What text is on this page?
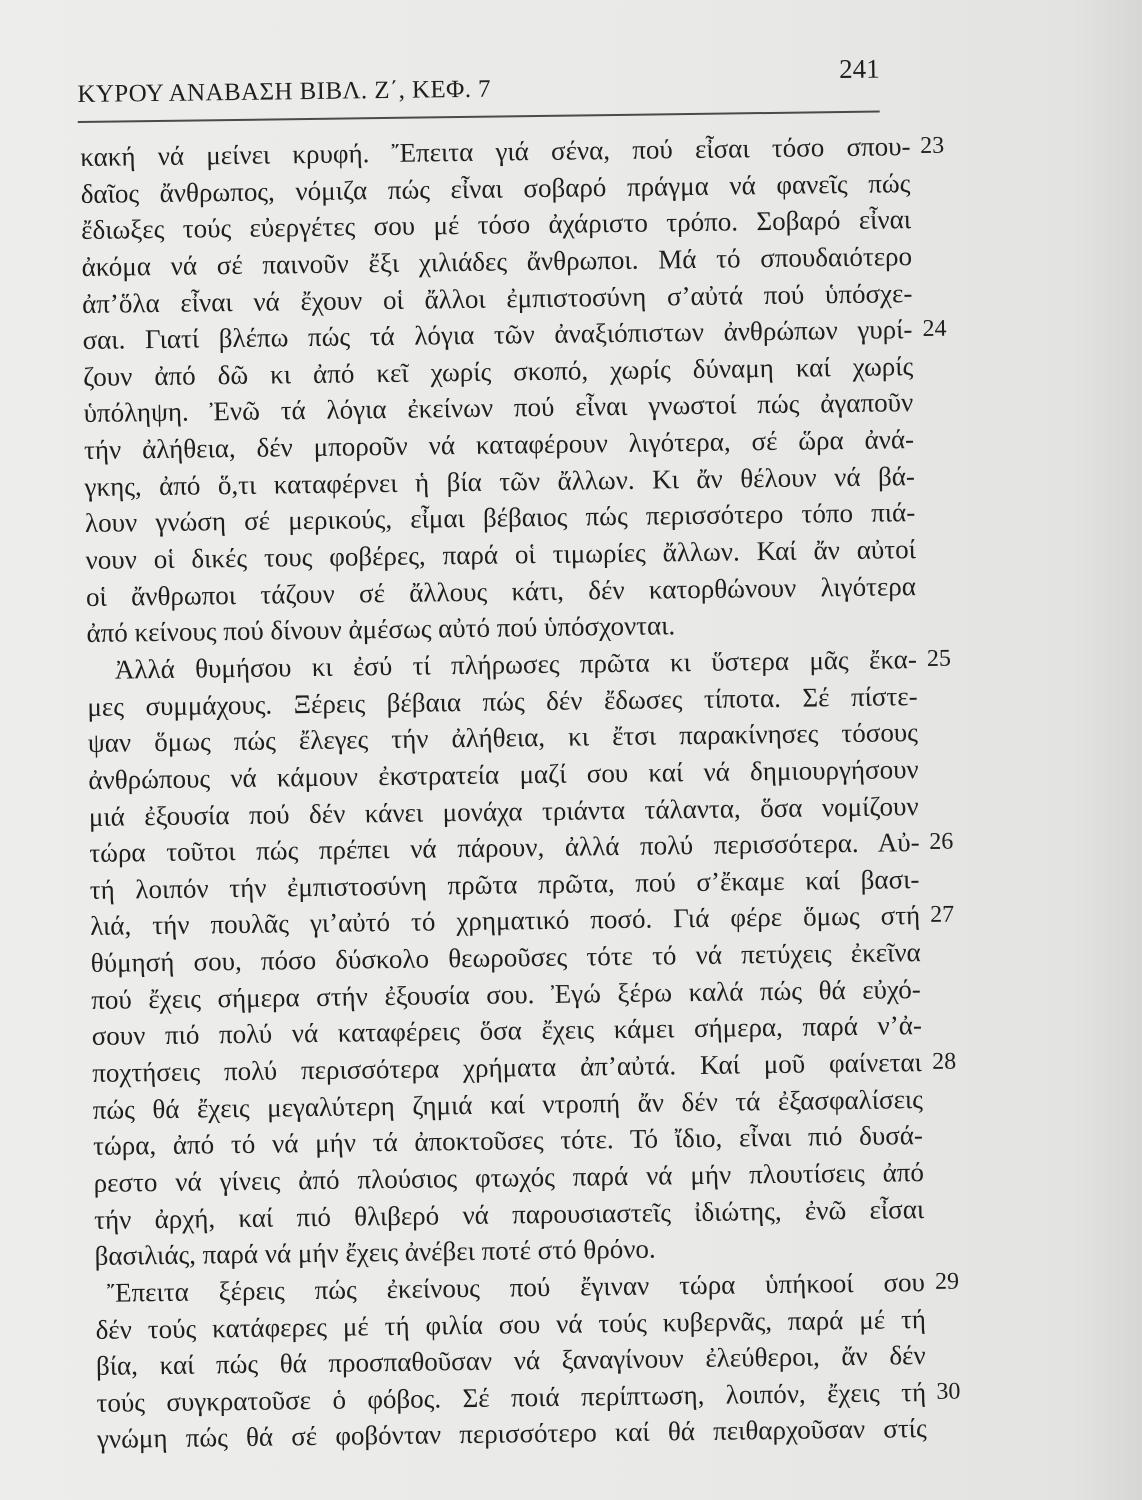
ΚΥΡΟΥ ΑΝΑΒΑΣΗ ΒΙΒΛ. Ζ΄, ΚΕΦ. 7
241
κακή νά μείνει κρυφή. Ἔπειτα γιά σένα, πού εἶσαι τόσο σπου- 23
δαῖος ἄνθρωπος, νόμιζα πώς εἶναι σοβαρό πράγμα νά φανεῖς πώς
ἔδιωξες τούς εὐεργέτες σου μέ τόσο ἀχάριστο τρόπο. Σοβαρό εἶναι
ἀκόμα νά σέ παινοῦν ἔξι χιλιάδες ἄνθρωποι. Μά τό σπουδαιότερο
ἀπ’ὅλα εἶναι νά ἔχουν οἱ ἄλλοι ἐμπιστοσύνη σ’αὐτά πού ὑπόσχε-
σαι. Γιατί βλέπω πώς τά λόγια τῶν ἀναξιόπιστων ἀνθρώπων γυρί- 24
ζουν ἀπό δῶ κι ἀπό κεῖ χωρίς σκοπό, χωρίς δύναμη καί χωρίς
ὑπόληψη. Ἐνῶ τά λόγια ἐκείνων πού εἶναι γνωστοί πώς ἀγαποῦν
τήν ἀλήθεια, δέν μποροῦν νά καταφέρουν λιγότερα, σέ ὥρα ἀνά-
γκης, ἀπό ὅ,τι καταφέρνει ἡ βία τῶν ἄλλων. Κι ἄν θέλουν νά βά-
λουν γνώση σέ μερικούς, εἶμαι βέβαιος πώς περισσότερο τόπο πιά-
νουν οἱ δικές τους φοβέρες, παρά οἱ τιμωρίες ἄλλων. Καί ἄν αὐτοί
οἱ ἄνθρωποι τάζουν σέ ἄλλους κάτι, δέν κατορθώνουν λιγότερα
ἀπό κείνους πού δίνουν ἀμέσως αὐτό πού ὑπόσχονται.
Ἀλλά θυμήσου κι ἐσύ τί πλήρωσες πρῶτα κι ὕστερα μᾶς ἔκα- 25
μες συμμάχους. Ξέρεις βέβαια πώς δέν ἔδωσες τίποτα. Σέ πίστε-
ψαν ὅμως πώς ἔλεγες τήν ἀλήθεια, κι ἔτσι παρακίνησες τόσους
ἀνθρώπους νά κάμουν ἐκστρατεία μαζί σου καί νά δημιουργήσουν
μιά ἐξουσία πού δέν κάνει μονάχα τριάντα τάλαντα, ὅσα νομίζουν
τώρα τοῦτοι πώς πρέπει νά πάρουν, ἀλλά πολύ περισσότερα. Αὐ- 26
τή λοιπόν τήν ἐμπιστοσύνη πρῶτα πρῶτα, πού σ’ἔκαμε καί βασι-
λιά, τήν πουλᾶς γι’αὐτό τό χρηματικό ποσό. Γιά φέρε ὅμως στή 27
θύμησή σου, πόσο δύσκολο θεωροῦσες τότε τό νά πετύχεις ἐκεῖνα
πού ἔχεις σήμερα στήν ἐξουσία σου. Ἐγώ ξέρω καλά πώς θά εὐχό-
σουν πιό πολύ νά καταφέρεις ὅσα ἔχεις κάμει σήμερα, παρά ν’ἀ-
ποχτήσεις πολύ περισσότερα χρήματα ἀπ’αὐτά. Καί μοῦ φαίνεται 28
πώς θά ἔχεις μεγαλύτερη ζημιά καί ντροπή ἄν δέν τά ἐξασφαλίσεις
τώρα, ἀπό τό νά μήν τά ἀποκτοῦσες τότε. Τό ἴδιο, εἶναι πιό δυσά-
ρεστο νά γίνεις ἀπό πλούσιος φτωχός παρά νά μήν πλουτίσεις ἀπό
τήν ἀρχή, καί πιό θλιβερό νά παρουσιαστεῖς ἰδιώτης, ἐνῶ εἶσαι
βασιλιάς, παρά νά μήν ἔχεις ἀνέβει ποτέ στό θρόνο.
Ἔπειτα ξέρεις πώς ἐκείνους πού ἔγιναν τώρα ὑπήκοοί σου 29
δέν τούς κατάφερες μέ τή φιλία σου νά τούς κυβερνᾶς, παρά μέ τή
βία, καί πώς θά προσπαθοῦσαν νά ξαναγίνουν ἐλεύθεροι, ἄν δέν
τούς συγκρατοῦσε ὁ φόβος. Σέ ποιά περίπτωση, λοιπόν, ἔχεις τή 30
γνώμη πώς θά σέ φοβόνταν περισσότερο καί θά πειθαρχοῦσαν στίς
